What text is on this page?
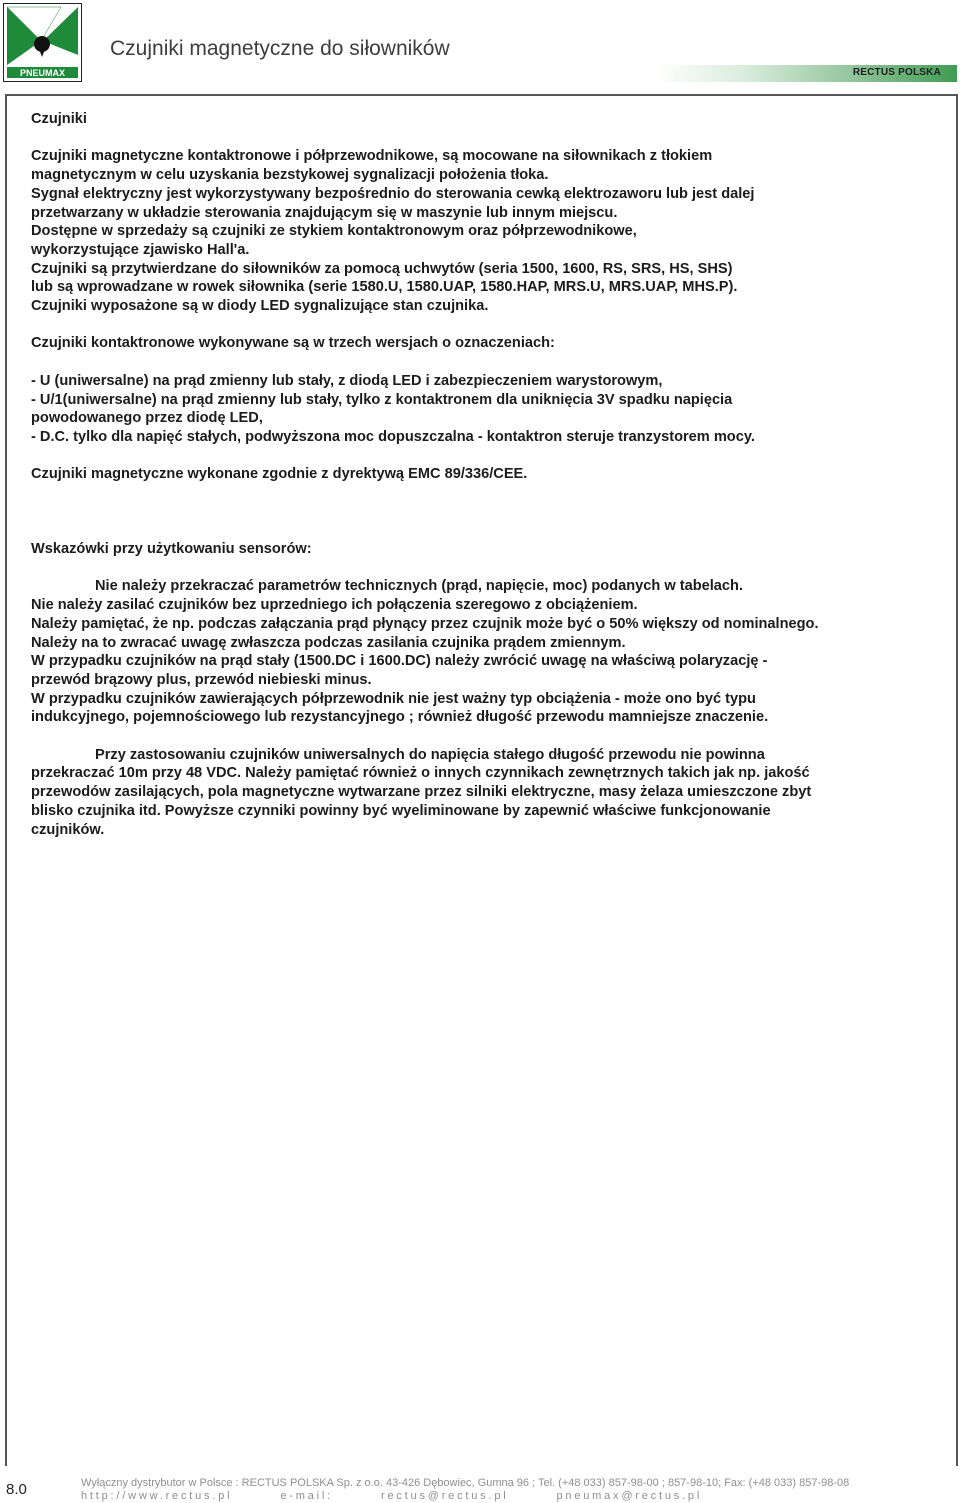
PNEUMAX
Czujniki magnetyczne do siłowników
RECTUS POLSKA

Czujniki

Czujniki magnetyczne kontaktronowe i półprzewodnikowe, są mocowane na siłownikach z tłokiem

magnetycznym w celu uzyskania bezstykowej sygnalizacji położenia tłoka.

Sygnał elektryczny jest wykorzystywany bezpośrednio do sterowania cewką elektrozaworu lub jest dalej

przetwarzany w układzie sterowania znajdującym się w maszynie lub innym miejscu.

Dostępne w sprzedaży są czujniki ze stykiem kontaktronowym oraz półprzewodnikowe,

wykorzystujące zjawisko Hall'a.

Czujniki są przytwierdzane do siłowników za pomocą uchwytów (seria 1500, 1600, RS, SRS, HS, SHS)

lub są wprowadzane w rowek siłownika (serie 1580.U, 1580.UAP, 1580.HAP, MRS.U, MRS.UAP, MHS.P).

Czujniki wyposażone są w diody LED sygnalizujące stan czujnika.

Czujniki kontaktronowe wykonywane są w trzech wersjach o oznaczeniach:

- U (uniwersalne) na prąd zmienny lub stały, z diodą LED i zabezpieczeniem warystorowym,

- U/1(uniwersalne) na prąd zmienny lub stały, tylko z kontaktronem dla uniknięcia 3V spadku napięcia

powodowanego przez diodę LED,

- D.C. tylko dla napięć stałych, podwyższona moc dopuszczalna - kontaktron steruje tranzystorem mocy.

Czujniki magnetyczne wykonane zgodnie z dyrektywą EMC 89/336/CEE.

Wskazówki przy użytkowaniu sensorów:

Nie należy przekraczać parametrów technicznych (prąd, napięcie, moc) podanych w tabelach.

Nie należy zasilać czujników bez uprzedniego ich połączenia szeregowo z obciążeniem.

Należy pamiętać, że np. podczas załączania prąd płynący przez czujnik może być o 50% większy od nominalnego.

Należy na to zwracać uwagę zwłaszcza podczas zasilania czujnika prądem zmiennym.

W przypadku czujników na prąd stały (1500.DC i 1600.DC) należy zwrócić uwagę na właściwą polaryzację -

przewód brązowy plus, przewód niebieski minus.

W przypadku czujników zawierających półprzewodnik nie jest ważny typ obciążenia - może ono być typu

indukcyjnego, pojemnościowego lub rezystancyjnego ; również długość przewodu mamniejsze znaczenie.

Przy zastosowaniu czujników uniwersalnych do napięcia stałego długość przewodu nie powinna

przekraczać 10m przy 48 VDC. Należy pamiętać również o innych czynnikach zewnętrznych takich jak np. jakość

przewodów zasilających, pola magnetyczne wytwarzane przez silniki elektryczne, masy żelaza umieszczone zbyt

blisko czujnika itd. Powyższe czynniki powinny być wyeliminowane by zapewnić właściwe funkcjonowanie

czujników.

8.0	Wyłączny dystrybutor w Polsce : RECTUS POLSKA Sp. z o.o. 43-426 Dębowiec, Gumna 96 ; Tel. (+48 033) 857-98-00 ; 857-98-10; Fax: (+48 033) 857-98-08
http://www.rectus.pl	e-mail:	rectus@rectus.pl	pneumax@rectus.pl
